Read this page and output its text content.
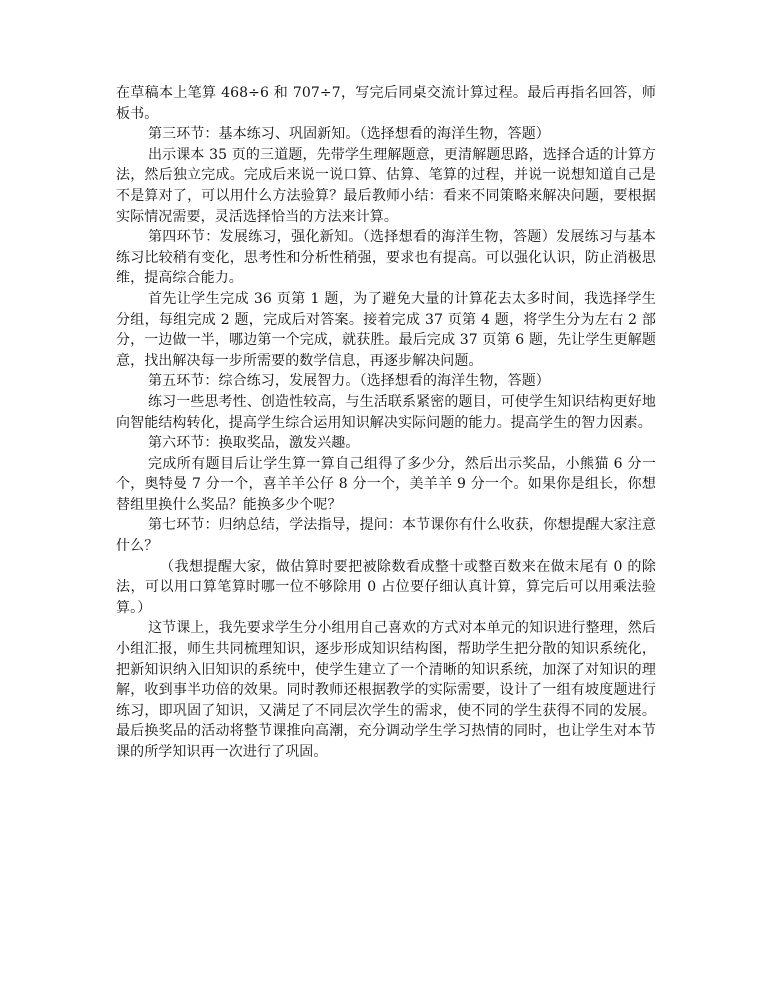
在草稿本上笔算 468÷6 和 707÷7，写完后同桌交流计算过程。最后再指名回答，师板书。

第三环节：基本练习、巩固新知。（选择想看的海洋生物，答题）

出示课本 35 页的三道题，先带学生理解题意，更清解题思路，选择合适的计算方法，然后独立完成。完成后来说一说口算、估算、笔算的过程，并说一说想知道自己是不是算对了，可以用什么方法验算？最后教师小结：看来不同策略来解决问题，要根据实际情况需要，灵活选择恰当的方法来计算。

第四环节：发展练习，强化新知。（选择想看的海洋生物，答题）发展练习与基本练习比较稍有变化，思考性和分析性稍强，要求也有提高。可以强化认识，防止消极思维，提高综合能力。

首先让学生完成 36 页第 1 题，为了避免大量的计算花去太多时间，我选择学生分组，每组完成 2 题，完成后对答案。接着完成 37 页第 4 题，将学生分为左右 2 部分，一边做一半，哪边第一个完成，就获胜。最后完成 37 页第 6 题，先让学生更解题意，找出解决每一步所需要的数学信息，再逐步解决问题。

第五环节：综合练习，发展智力。（选择想看的海洋生物，答题）

练习一些思考性、创造性较高，与生活联系紧密的题目，可使学生知识结构更好地向智能结构转化，提高学生综合运用知识解决实际问题的能力。提高学生的智力因素。

第六环节：换取奖品，激发兴趣。

完成所有题目后让学生算一算自己组得了多少分，然后出示奖品，小熊猫 6 分一个，奥特曼 7 分一个，喜羊羊公仔 8 分一个，美羊羊 9 分一个。如果你是组长，你想替组里换什么奖品？能换多少个呢？

第七环节：归纳总结，学法指导，提问：本节课你有什么收获，你想提醒大家注意什么？

（我想提醒大家，做估算时要把被除数看成整十或整百数来在做末尾有 0 的除法，可以用口算笔算时哪一位不够除用 0 占位要仔细认真计算，算完后可以用乘法验算。）

这节课上，我先要求学生分小组用自己喜欢的方式对本单元的知识进行整理，然后小组汇报，师生共同梳理知识，逐步形成知识结构图，帮助学生把分散的知识系统化，把新知识纳入旧知识的系统中，使学生建立了一个清晰的知识系统，加深了对知识的理解，收到事半功倍的效果。同时教师还根据教学的实际需要，设计了一组有坡度题进行练习，即巩固了知识，又满足了不同层次学生的需求，使不同的学生获得不同的发展。最后换奖品的活动将整节课推向高潮，充分调动学生学习热情的同时，也让学生对本节课的所学知识再一次进行了巩固。
